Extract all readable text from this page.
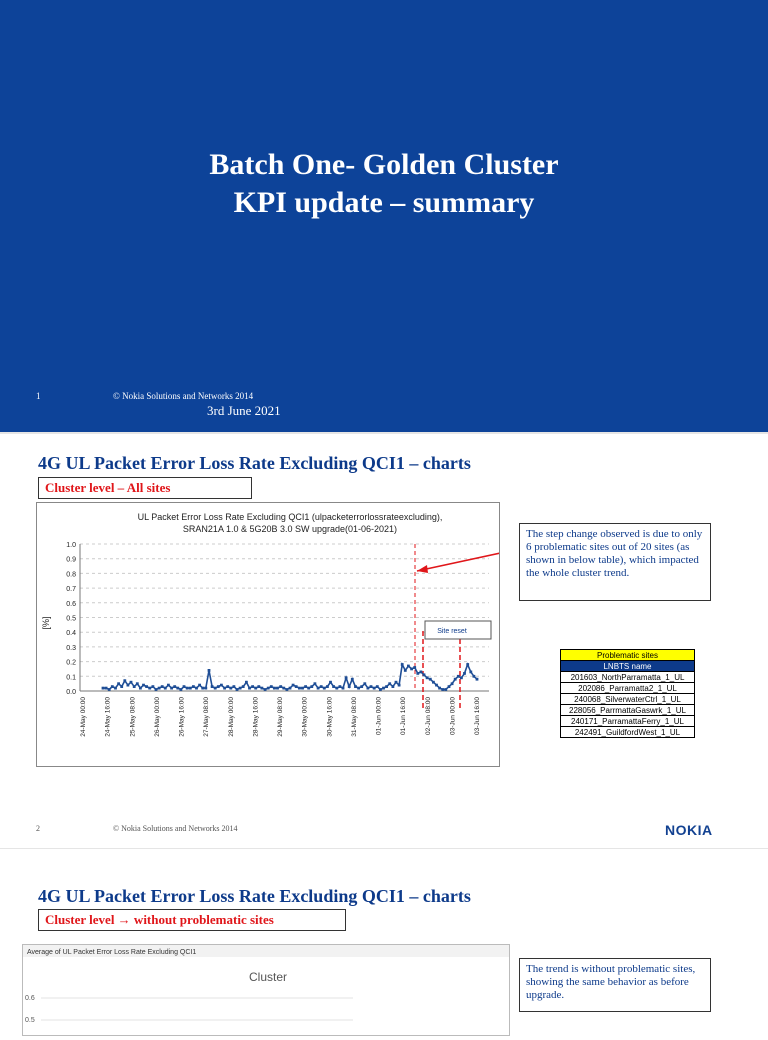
Batch One- Golden Cluster
KPI update – summary
1	© Nokia Solutions and Networks 2014
3rd June 2021
4G UL Packet Error Loss Rate Excluding QCI1 – charts
Cluster level – All sites
UL Packet Error Loss Rate Excluding QCI1 (ulpacketerrorlossrateexcluding),
SRAN21A 1.0 & 5G20B 3.0 SW upgrade(01-06-2021)
[%]
0.0
0.1
0.2
0.3
0.4
0.5
0.6
0.7
0.8
0.9
1.0
24-May 00:00	24-May 16:00	25-May 08:00	26-May 00:00	26-May 16:00	27-May 08:00	28-May 00:00	28-May 16:00	29-May 08:00	30-May 00:00	30-May 16:00	31-May 08:00	01-Jun 00:00	01-Jun 16:00	02-Jun 08:00	03-Jun 00:00	03-Jun 16:00
Site reset
The step change observed is due to only 6 problematic sites out of 20 sites (as shown in below table), which impacted the whole cluster trend.
Problematic sites
LNBTS name
201603_NorthParramatta_1_UL
202086_Parramatta2_1_UL
240068_SilverwaterCtrl_1_UL
228056_ParrmattaGaswrk_1_UL
240171_ParramattaFerry_1_UL
242491_GuildfordWest_1_UL
2	© Nokia Solutions and Networks 2014	NOKIA
4G UL Packet Error Loss Rate Excluding QCI1 – charts
Cluster level → without problematic sites
Average of UL Packet Error Loss Rate Excluding QCI1
Cluster
0.6
0.5
The trend is without problematic sites, showing the same behavior as before upgrade.
